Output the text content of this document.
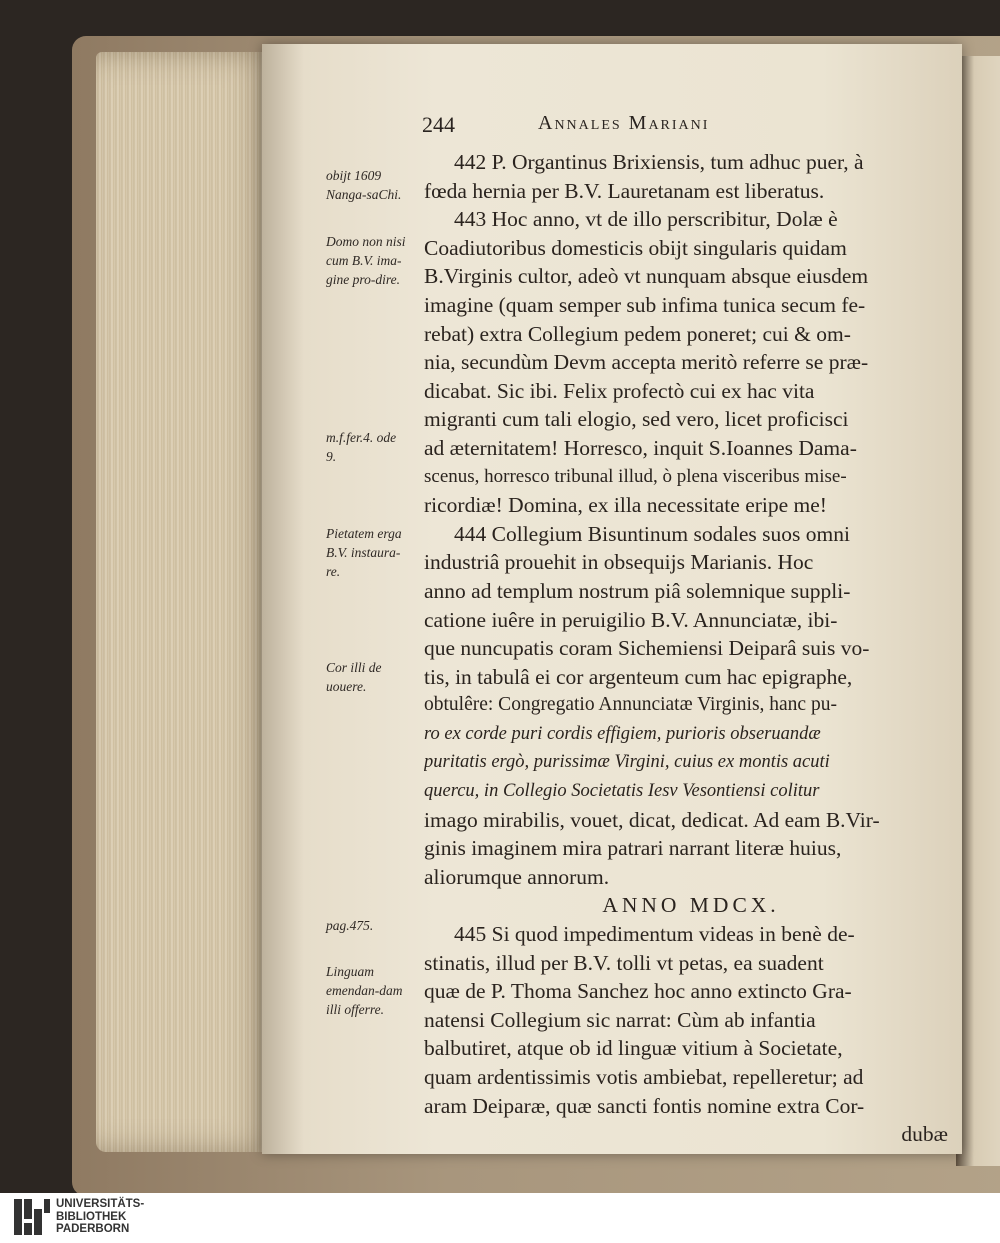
244	Annales Mariani
obijt 1609 Nanga-saChi.
Domo non nisi cum B.V. ima-gine pro-dire.
m.f.fer.4. ode 9.
Pietatem erga B.V. instaura-re.
Cor illi de uouere.
pag.475.
Linguam emendan-dam illi offerre.
442 P. Organtinus Brixiensis, tum adhuc puer, à
fœda hernia per B.V. Lauretanam est liberatus.
443 Hoc anno, vt de illo perscribitur, Dolæ è
Coadiutoribus domesticis obijt singularis quidam
B.Virginis cultor, adeò vt nunquam absque eiusdem
imagine (quam semper sub infima tunica secum fe-
rebat) extra Collegium pedem poneret; cui & om-
nia, secundùm Devm accepta meritò referre se præ-
dicabat. Sic ibi. Felix profectò cui ex hac vita
migranti cum tali elogio, sed vero, licet proficisci
ad æternitatem! Horresco, inquit S.Ioannes Dama-
scenus, horresco tribunal illud, ò plena visceribus mise-
ricordiæ! Domina, ex illa necessitate eripe me!
444 Collegium Bisuntinum sodales suos omni
industriâ prouehit in obsequijs Marianis. Hoc
anno ad templum nostrum piâ solemnique suppli-
catione iuêre in peruigilio B.V. Annunciatæ, ibi-
que nuncupatis coram Sichemiensi Deiparâ suis vo-
tis, in tabulâ ei cor argenteum cum hac epigraphe,
obtulêre: Congregatio Annunciatæ Virginis, hanc pu-
ro ex corde puri cordis effigiem, purioris obseruandæ
puritatis ergò, purissimæ Virgini, cuius ex montis acuti
quercu, in Collegio Societatis Iesv Vesontiensi colitur
imago mirabilis, vouet, dicat, dedicat. Ad eam B.Vir-
ginis imaginem mira patrari narrant literæ huius,
aliorumque annorum.
ANNO MDCX.
445 Si quod impedimentum videas in benè de-
stinatis, illud per B.V. tolli vt petas, ea suadent
quæ de P. Thoma Sanchez hoc anno extincto Gra-
natensi Collegium sic narrat: Cùm ab infantia
balbutiret, atque ob id linguæ vitium à Societate,
quam ardentissimis votis ambiebat, repelleretur; ad
aram Deiparæ, quæ sancti fontis nomine extra Cor-
dubæ
UNIVERSITÄTS-
BIBLIOTHEK
PADERBORN
